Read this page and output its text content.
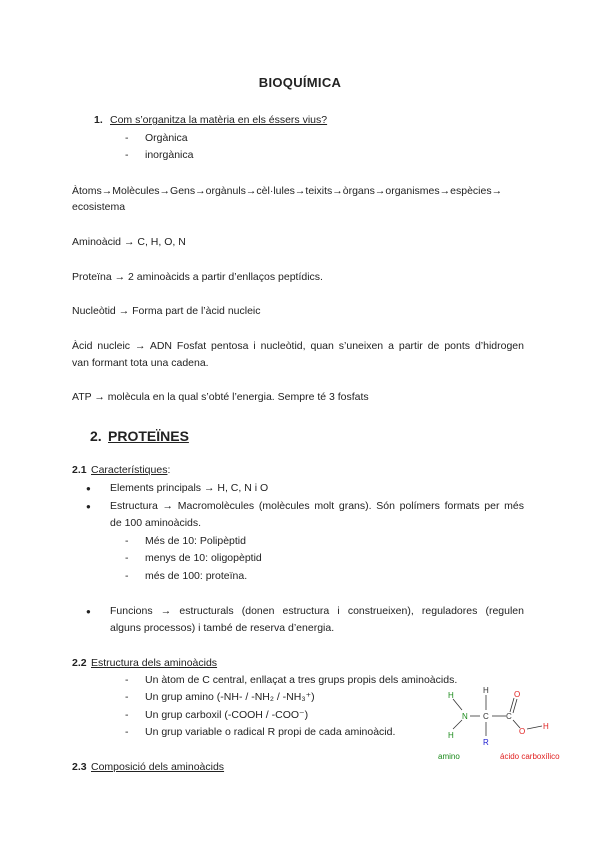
BIOQUÍMICA
1. Com s’organitza la matèria en els éssers vius?
- Orgànica
- inorgànica
Àtoms→Molècules→Gens→orgànuls→cèl·lules→teixits→òrgans→organismes→espècies→
ecosistema
Aminoàcid → C, H, O, N
Proteïna → 2 aminoàcids a partir d’enllaços peptídics.
Nucleòtid → Forma part de l’àcid nucleic
Àcid nucleic → ADN Fosfat pentosa i nucleòtid, quan s’uneixen a partir de ponts d’hidrogen
van formant tota una cadena.
ATP → molècula en la qual s’obté l’energia. Sempre té 3 fosfats
2. PROTEÏNES
2.1 Característiques:
● Elements principals → H, C, N i O
● Estructura → Macromolècules (molècules molt grans). Són polímers formats per més
de 100 aminoàcids.
- Més de 10: Polipèptid
- menys de 10: oligopèptid
- més de 100: proteïna.
● Funcions → estructurals (donen estructura i construeixen), reguladores (regulen
alguns processos) i també de reserva d’energia.
2.2 Estructura dels aminoàcids
- Un àtom de C central, enllaçat a tres grups propis dels aminoàcids.
- Un grup amino (-NH- / -NH₂ / -NH₃⁺)
- Un grup carboxil (-COOH / -COO⁻)
- Un grup variable o radical R propi de cada aminoàcid.
H
N
H
H
C
R
C
O
O
H
amino	ácido carboxílico
2.3 Composició dels aminoàcids
